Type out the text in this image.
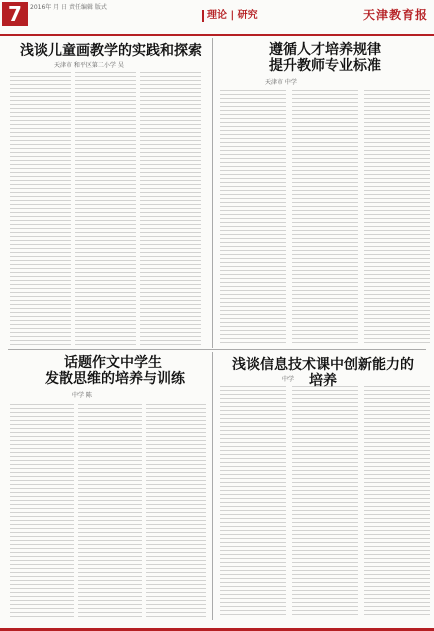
7	2016年 月 日 责任编辑 版式
理论 | 研究	天津教育报
浅谈儿童画教学的实践和探索
天津市 和平区第二小学 吴
遵循人才培养规律
提升教师专业标准
天津市 中学
话题作文中学生
发散思维的培养与训练
中学 陈
浅谈信息技术课中创新能力的培养
中学
